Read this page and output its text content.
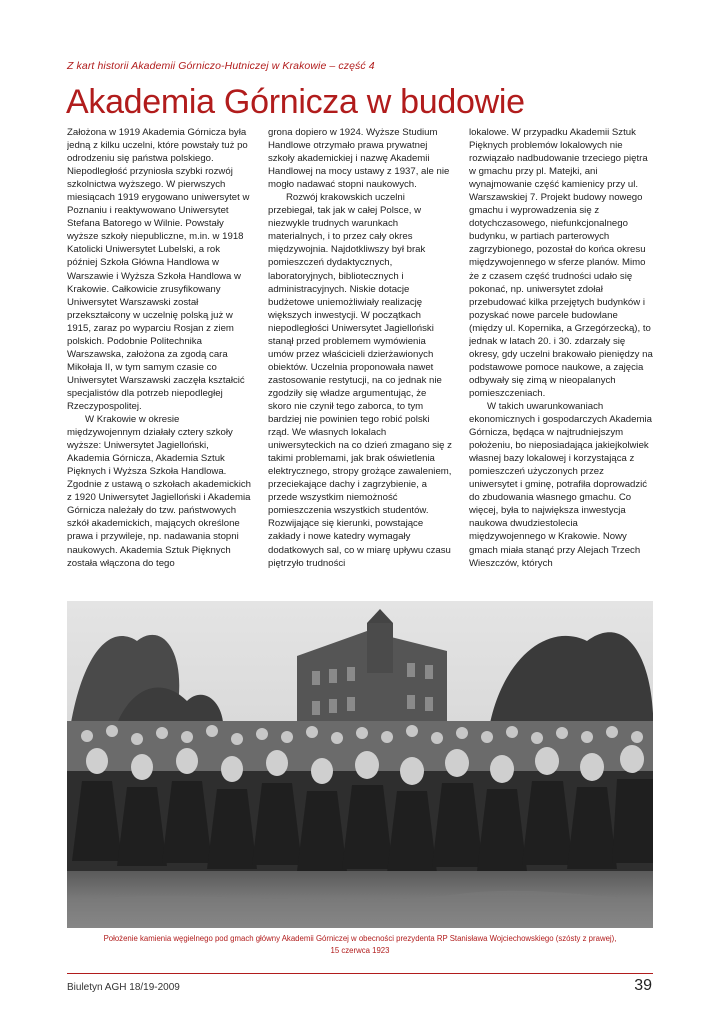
Z kart historii Akademii Górniczo-Hutniczej w Krakowie – część 4
Akademia Górnicza w budowie

Założona w 1919 Akademia Górnicza była jedną z kilku uczelni, które powstały tuż po odrodzeniu się państwa polskiego. Niepodległość przyniosła szybki rozwój szkolnictwa wyższego. W pierwszych miesiącach 1919 erygowano uniwersytet w Poznaniu i reaktywowano Uniwersytet Stefana Batorego w Wilnie. Powstały wyższe szkoły niepubliczne, m.in. w 1918 Katolicki Uniwersytet Lubelski, a rok później Szkoła Główna Handlowa w Warszawie i Wyższa Szkoła Handlowa w Krakowie. Całkowicie zrusyfikowany Uniwersytet Warszawski został przekształcony w uczelnię polską już w 1915, zaraz po wyparciu Rosjan z ziem polskich. Podobnie Politechnika Warszawska, założona za zgodą cara Mikołaja II, w tym samym czasie co Uniwersytet Warszawski zaczęła kształcić specjalistów dla potrzeb niepodległej Rzeczypospolitej.

W Krakowie w okresie międzywojennym działały cztery szkoły wyższe: Uniwersytet Jagielloński, Akademia Górnicza, Akademia Sztuk Pięknych i Wyższa Szkoła Handlowa. Zgodnie z ustawą o szkołach akademickich z 1920 Uniwersytet Jagielloński i Akademia Górnicza należały do tzw. państwowych szkół akademickich, mających określone prawa i przywileje, np. nadawania stopni naukowych. Akademia Sztuk Pięknych została włączona do tego

grona dopiero w 1924. Wyższe Studium Handlowe otrzymało prawa prywatnej szkoły akademickiej i nazwę Akademii Handlowej na mocy ustawy z 1937, ale nie mogło nadawać stopni naukowych.

Rozwój krakowskich uczelni przebiegał, tak jak w całej Polsce, w niezwykle trudnych warunkach materialnych, i to przez cały okres międzywojnia. Najdotkliwszy był brak pomieszczeń dydaktycznych, laboratoryjnych, bibliotecznych i administracyjnych. Niskie dotacje budżetowe uniemożliwiały realizację większych inwestycji. W początkach niepodległości Uniwersytet Jagielloński stanął przed problemem wymówienia umów przez właścicieli dzierżawionych obiektów. Uczelnia proponowała nawet zastosowanie restytucji, na co jednak nie zgodziły się władze argumentując, że skoro nie czynił tego zaborca, to tym bardziej nie powinien tego robić polski rząd. We własnych lokalach uniwersyteckich na co dzień zmagano się z takimi problemami, jak brak oświetlenia elektrycznego, stropy grożące zawaleniem, przeciekające dachy i zagrzybienie, a przede wszystkim niemożność pomieszczenia wszystkich studentów. Rozwijające się kierunki, powstające zakłady i nowe katedry wymagały dodatkowych sal, co w miarę upływu czasu piętrzyło trudności

lokalowe. W przypadku Akademii Sztuk Pięknych problemów lokalowych nie rozwiązało nadbudowanie trzeciego piętra w gmachu przy pl. Matejki, ani wynajmowanie część kamienicy przy ul. Warszawskiej 7. Projekt budowy nowego gmachu i wyprowadzenia się z dotychczasowego, niefunkcjonalnego budynku, w partiach parterowych zagrzybionego, pozostał do końca okresu międzywojennego w sferze planów. Mimo że z czasem część trudności udało się pokonać, np. uniwersytet zdołał przebudować kilka przejętych budynków i pozyskać nowe parcele budowlane (między ul. Kopernika, a Grzegórzecką), to jednak w latach 20. i 30. zdarzały się okresy, gdy uczelni brakowało pieniędzy na podstawowe pomoce naukowe, a zajęcia odbywały się zimą w nieopalanych pomieszczeniach.

W takich uwarunkowaniach ekonomicznych i gospodarczych Akademia Górnicza, będąca w najtrudniejszym położeniu, bo nieposiadająca jakiejkolwiek własnej bazy lokalowej i korzystająca z pomieszczeń użyczonych przez uniwersytet i gminę, potrafiła doprowadzić do zbudowania własnego gmachu. Co więcej, była to największa inwestycja naukowa dwudziestolecia międzywojennego w Krakowie. Nowy gmach miała stanąć przy Alejach Trzech Wieszczów, których

Położenie kamienia węgielnego pod gmach główny Akademii Górniczej w obecności prezydenta RP Stanisława Wojciechowskiego (szósty z prawej),
15 czerwca 1923
Biuletyn AGH 18/19-2009	39
